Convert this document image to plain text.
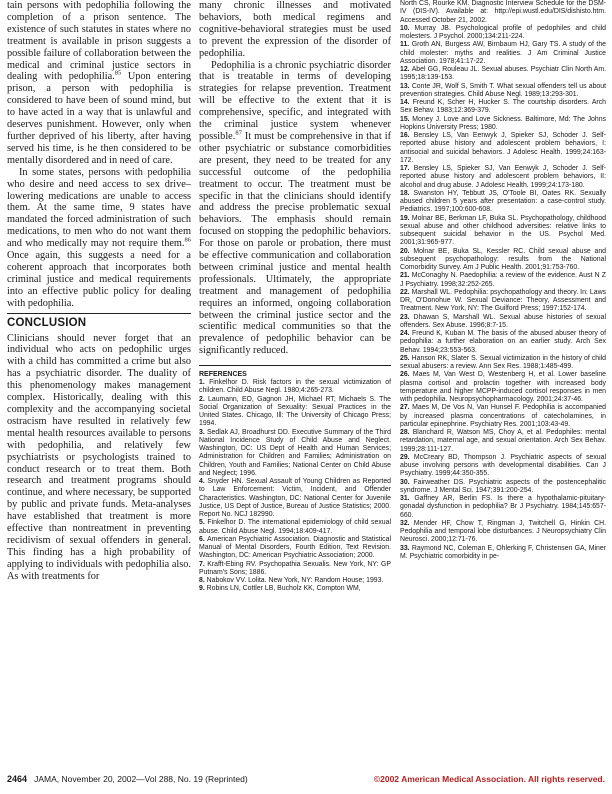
tain persons with pedophilia following the completion of a prison sentence. The existence of such statutes in states where no treatment is available in prison suggests a possible failure of collaboration between the medical and criminal justice sectors in dealing with pedophilia.$^{85}$ Upon entering prison, a person with pedophilia is considered to have been of sound mind, but to have acted in a way that is unlawful and deserves punishment. However, only when further deprived of his liberty, after having served his time, is he then considered to be mentally disordered and in need of care.

In some states, persons with pedophilia who desire and need access to sex drive–lowering medications are unable to access them. At the same time, 9 states have mandated the forced administration of such medications, to men who do not want them and who medically may not require them.$^{86}$ Once again, this suggests a need for a coherent approach that incorporates both criminal justice and medical requirements into an effective public policy for dealing with pedophilia.

CONCLUSION

Clinicians should never forget that an individual who acts on pedophilic urges with a child has committed a crime but also has a psychiatric disorder. The duality of this phenomenology makes management complex. Historically, dealing with this complexity and the accompanying societal ostracism have resulted in relatively few mental health resources available to persons with pedophilia, and relatively few psychiatrists or psychologists trained to conduct research or to treat them. Both research and treatment programs should continue, and where necessary, be supported by public and private funds. Meta-analyses have established that treatment is more effective than nontreatment in preventing recidivism of sexual offenders in general. This finding has a high probability of applying to individuals with pedophilia also. As with treatments for

many chronic illnesses and motivated behaviors, both medical regimens and cognitive-behavioral strategies must be used to prevent the expression of the disorder of pedophilia.

Pedophilia is a chronic psychiatric disorder that is treatable in terms of developing strategies for relapse prevention. Treatment will be effective to the extent that it is comprehensive, specific, and integrated with the criminal justice system whenever possible.$^{87}$ It must be comprehensive in that if other psychiatric or substance comorbidities are present, they need to be treated for any successful outcome of the pedophilia treatment to occur. The treatment must be specific in that the clinicians should identify and address the precise problematic sexual behaviors. The emphasis should remain focused on stopping the pedophilic behaviors. For those on parole or probation, there must be effective communication and collaboration between criminal justice and mental health professionals. Ultimately, the appropriate treatment and management of pedophilia requires an informed, ongoing collaboration between the criminal justice sector and the scientific medical communities so that the prevalence of pedophilic behavior can be significantly reduced.

REFERENCES

1. Finkelhor D. Risk factors in the sexual victimization of children. Child Abuse Negl. 1980;4:265-273.

2. Laumann, EO, Gagnon JH, Michael RT, Michaels S. The Social Organization of Sexuality: Sexual Practices in the United States. Chicago, Ill: The University of Chicago Press; 1994.

3. Sedlak AJ, Broadhurst DD. Executive Summary of the Third National Incidence Study of Child Abuse and Neglect. Washington, DC: US Dept of Health and Human Services; Administration for Children and Families; Administration on Children, Youth and Families; National Center on Child Abuse and Neglect; 1996.

4. Snyder HN. Sexual Assault of Young Children as Reported to Law Enforcement: Victim, Incident, and Offender Characteristics. Washington, DC: National Center for Juvenile Justice, US Dept of Justice, Bureau of Justice Statistics; 2000. Report No. NCJ 182990.

5. Finkelhor D. The international epidemiology of child sexual abuse. Child Abuse Negl. 1994;18:409-417.

6. American Psychiatric Association. Diagnostic and Statistical Manual of Mental Disorders, Fourth Edition, Text Revision. Washington, DC: American Psychiatric Association; 2000.

7. Krafft-Ebing RV. Psychopathia Sexualis. New York, NY: GP Putnam's Sons; 1886.

8. Nabokov VV. Lolita. New York, NY: Random House; 1993.

9. Robins LN, Cottler LB, Bucholz KK, Compton WM,

North CS, Rourke KM. Diagnostic Interview Schedule for the DSM-IV (DIS-IV). Available at: http://epi.wustl.edu/DIS/dishisto.htm. Accessed October 21, 2002.

10. Murray JB. Psychological profile of pedophiles and child molesters. J Psychol. 2000;134:211-224.

11. Groth AN, Burgess AW, Birnbaum HJ, Gary TS. A study of the child molester: myths and realities. J Am Criminal Justice Association. 1978;41:17-22.

12. Abel GG, Rouleau JL. Sexual abuses. Psychiatr Clin North Am. 1995;18:139-153.

13. Conte JR, Wolf S, Smith T. What sexual offenders tell us about prevention strategies. Child Abuse Negl. 1989;13:293-301.

14. Freund K, Scher H, Hucker S. The courtship disorders. Arch Sex Behav. 1983;12:369-379.

15. Money J. Love and Love Sickness. Baltimore, Md: The Johns Hopkins University Press; 1980.

16. Bensley LS, Van Eenwyk J, Spieker SJ, Schoder J. Self-reported abuse history and adolescent problem behaviors, I: antisocial and suicidal behaviors. J Adolesc Health. 1999;24:163-172.

17. Bensley LS, Spieker SJ, Van Eenwyk J, Schoder J. Self-reported abuse history and adolescent problem behaviors, II: alcohol and drug abuse. J Adolesc Health. 1999;24:173-180.

18. Swanston HY, Tebbutt JS, O'Toole BI, Oates RK. Sexually abused children 5 years after presentation: a case-control study. Pediatrics. 1997;100:600-608.

19. Molnar BE, Berkman LF, Buka SL. Psychopathology, childhood sexual abuse and other childhood adversities: relative links to subsequent suicidal behavior in the US. Psychol Med. 2001;31:965-977.

20. Molnar BE, Buka SL, Kessler RC. Child sexual abuse and subsequent psychopathology: results from the National Comorbidity Survey. Am J Public Health. 2001;91:753-760.

21. McConaghy N. Paedophilia: a review of the evidence. Aust N Z J Psychiatry. 1998;32:252-265.

22. Marshall WL. Pedophilia: psychopathology and theory. In: Laws DR, O'Donohue W. Sexual Deviance: Theory, Assessment and Treatment. New York, NY: The Guilford Press; 1997:152-174.

23. Dhawan S, Marshall WL. Sexual abuse histories of sexual offenders. Sex Abuse. 1996;8:7-15.

24. Freund K, Kuban M. The basis of the abused abuser theory of pedophilia: a further elaboration on an earlier study. Arch Sex Behav. 1994;23:553-563.

25. Hanson RK, Slater S. Sexual victimization in the history of child sexual abusers: a review. Ann Sex Res. 1988;1:485-499.

26. Maes M, Van West D, Westenberg H, et al. Lower baseline plasma cortisol and prolactin together with increased body temperature and higher MCPP-induced cortisol responses in men with pedophilia. Neuropsychopharmacology. 2001;24:37-46.

27. Maes M, De Vos N, Van Hunsel F. Pedophilia is accompanied by increased plasma concentrations of catecholamines, in particular epinephrine. Psychiatry Res. 2001;103:43-49.

28. Blanchard R, Watson MS, Choy A, et al. Pedophiles: mental retardation, maternal age, and sexual orientation. Arch Sex Behav. 1999;28:111-127.

29. McCreary BD, Thompson J. Psychiatric aspects of sexual abuse involving persons with developmental disabilities. Can J Psychiatry. 1999;44:350-355.

30. Fairweather DS. Psychiatric aspects of the postencephalitic syndrome. J Mental Sci. 1947;391:200-254.

31. Gaffney AR, Berlin FS. Is there a hypothalamic-pituitary-gonadal dysfunction in pedophilia? Br J Psychiatry. 1984;145:657-660.

32. Mender HF, Chow T, Ringman J, Twitchell G, Hinkin CH. Pedophilia and temporal lobe disturbances. J Neuropsychiatry Clin Neurosci. 2000;12:71-76.

33. Raymond NC, Coleman E, Ohlerking F, Christensen GA, Miner M. Psychiatric comorbidity in pe-

2464 JAMA, November 20, 2002—Vol 288, No. 19 (Reprinted)	©2002 American Medical Association. All rights reserved.
